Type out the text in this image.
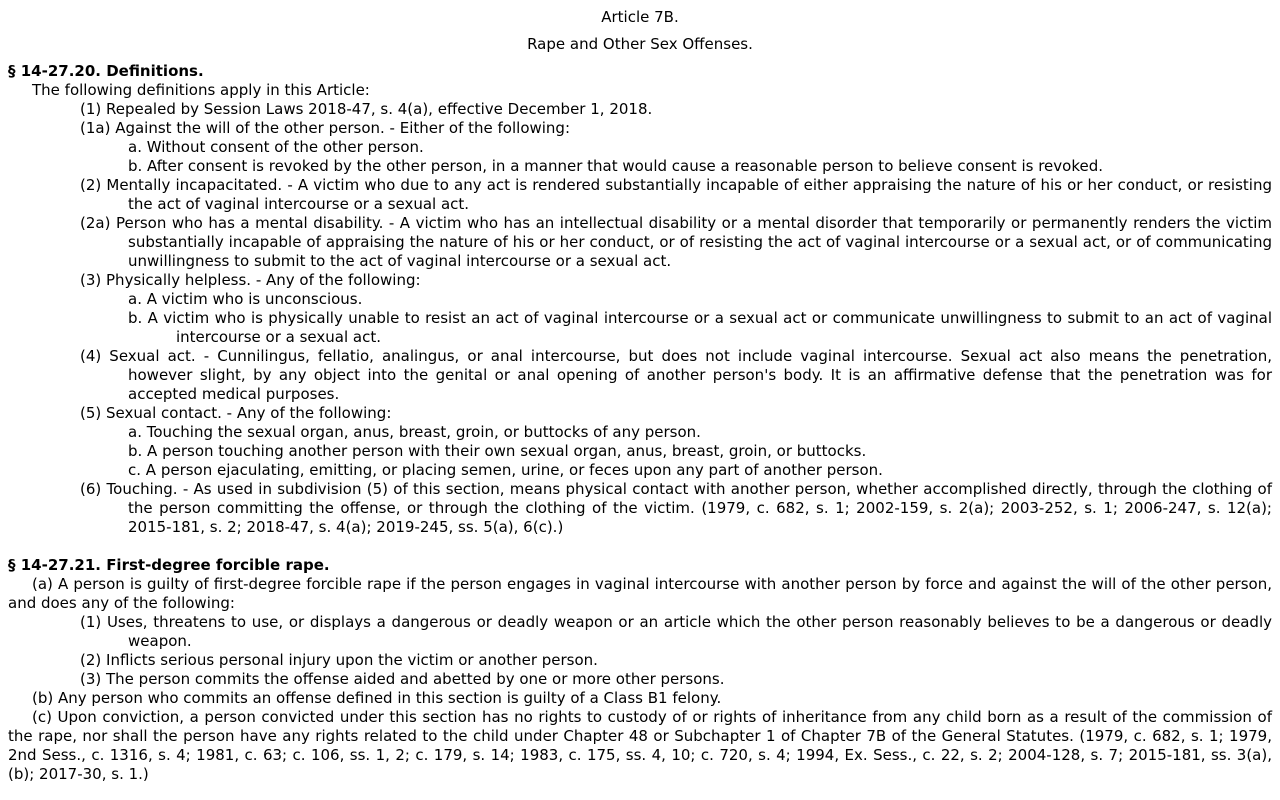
Article 7B.
Rape and Other Sex Offenses.
§ 14-27.20. Definitions.
The following definitions apply in this Article:
(1) Repealed by Session Laws 2018-47, s. 4(a), effective December 1, 2018.
(1a) Against the will of the other person. - Either of the following:
a. Without consent of the other person.
b. After consent is revoked by the other person, in a manner that would cause a reasonable person to believe consent is revoked.
(2) Mentally incapacitated. - A victim who due to any act is rendered substantially incapable of either appraising the nature of his or her conduct, or resisting the act of vaginal intercourse or a sexual act.
(2a) Person who has a mental disability. - A victim who has an intellectual disability or a mental disorder that temporarily or permanently renders the victim substantially incapable of appraising the nature of his or her conduct, or of resisting the act of vaginal intercourse or a sexual act, or of communicating unwillingness to submit to the act of vaginal intercourse or a sexual act.
(3) Physically helpless. - Any of the following:
a. A victim who is unconscious.
b. A victim who is physically unable to resist an act of vaginal intercourse or a sexual act or communicate unwillingness to submit to an act of vaginal intercourse or a sexual act.
(4) Sexual act. - Cunnilingus, fellatio, analingus, or anal intercourse, but does not include vaginal intercourse. Sexual act also means the penetration, however slight, by any object into the genital or anal opening of another person's body. It is an affirmative defense that the penetration was for accepted medical purposes.
(5) Sexual contact. - Any of the following:
a. Touching the sexual organ, anus, breast, groin, or buttocks of any person.
b. A person touching another person with their own sexual organ, anus, breast, groin, or buttocks.
c. A person ejaculating, emitting, or placing semen, urine, or feces upon any part of another person.
(6) Touching. - As used in subdivision (5) of this section, means physical contact with another person, whether accomplished directly, through the clothing of the person committing the offense, or through the clothing of the victim. (1979, c. 682, s. 1; 2002-159, s. 2(a); 2003-252, s. 1; 2006-247, s. 12(a); 2015-181, s. 2; 2018-47, s. 4(a); 2019-245, ss. 5(a), 6(c).)
§ 14-27.21. First-degree forcible rape.
(a) A person is guilty of first-degree forcible rape if the person engages in vaginal intercourse with another person by force and against the will of the other person, and does any of the following:
(1) Uses, threatens to use, or displays a dangerous or deadly weapon or an article which the other person reasonably believes to be a dangerous or deadly weapon.
(2) Inflicts serious personal injury upon the victim or another person.
(3) The person commits the offense aided and abetted by one or more other persons.
(b) Any person who commits an offense defined in this section is guilty of a Class B1 felony.
(c) Upon conviction, a person convicted under this section has no rights to custody of or rights of inheritance from any child born as a result of the commission of the rape, nor shall the person have any rights related to the child under Chapter 48 or Subchapter 1 of Chapter 7B of the General Statutes. (1979, c. 682, s. 1; 1979, 2nd Sess., c. 1316, s. 4; 1981, c. 63; c. 106, ss. 1, 2; c. 179, s. 14; 1983, c. 175, ss. 4, 10; c. 720, s. 4; 1994, Ex. Sess., c. 22, s. 2; 2004-128, s. 7; 2015-181, ss. 3(a), (b); 2017-30, s. 1.)
